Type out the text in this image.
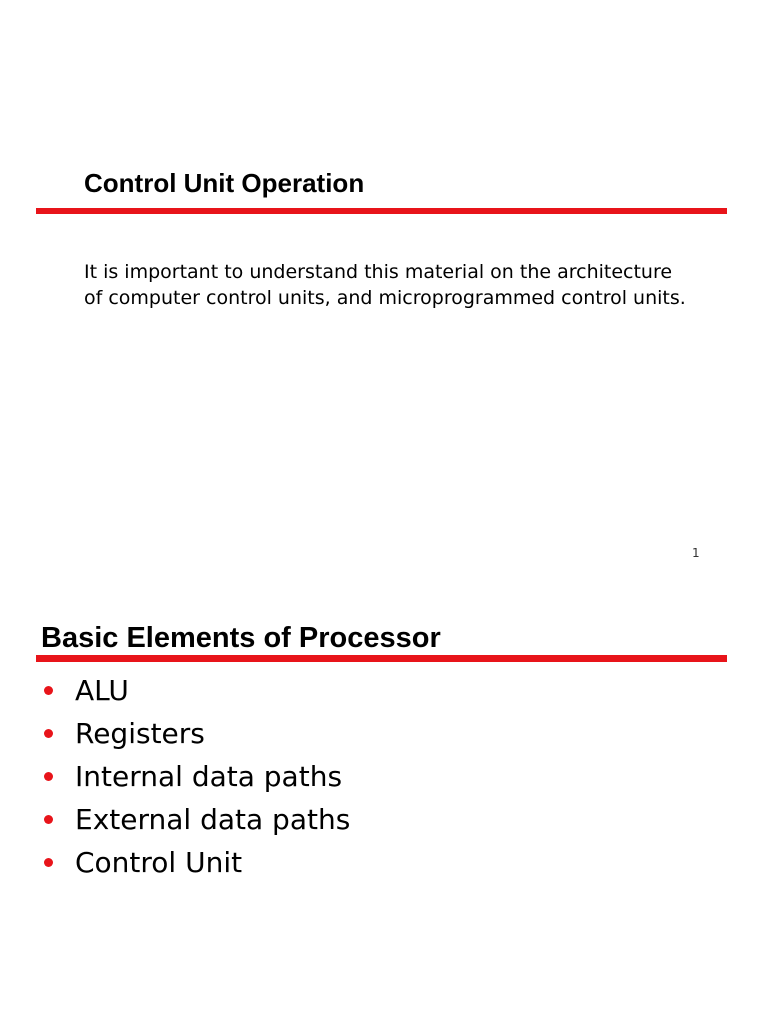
Control Unit Operation

It is important to understand this material on the architecture of computer control units, and microprogrammed control units.

1
Basic Elements of Processor
ALU
Registers
Internal data paths
External data paths
Control Unit
